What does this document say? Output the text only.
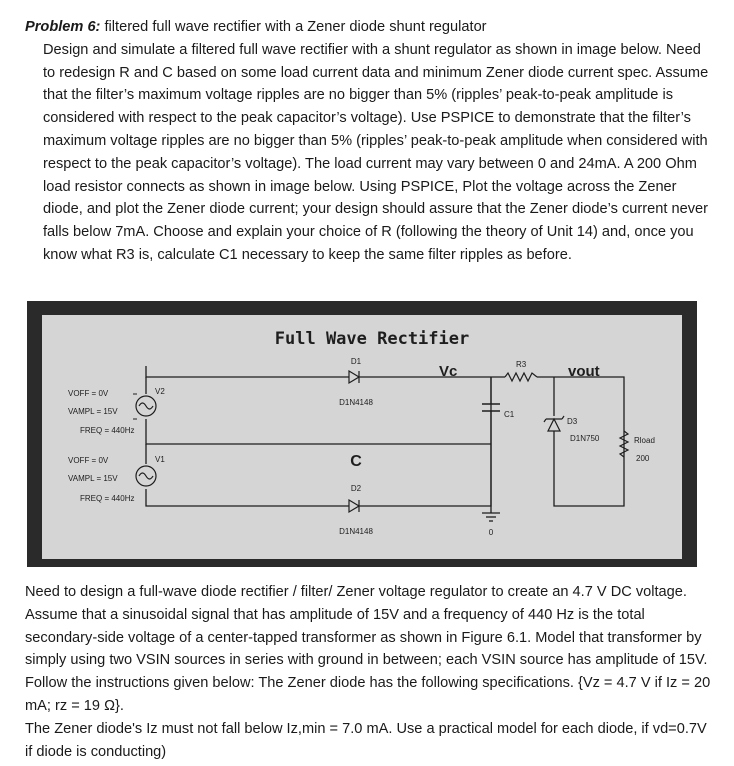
Problem 6: filtered full wave rectifier with a Zener diode shunt regulator
Design and simulate a filtered full wave rectifier with a shunt regulator as shown in image below. Need to redesign R and C based on some load current data and minimum Zener diode current spec. Assume that the filter’s maximum voltage ripples are no bigger than 5% (ripples’ peak-to-peak amplitude is considered with respect to the peak capacitor’s voltage). Use PSPICE to demonstrate that the filter’s maximum voltage ripples are no bigger than 5% (ripples’ peak-to-peak amplitude when considered with respect to the peak capacitor’s voltage). The load current may vary between 0 and 24mA. A 200 Ohm load resistor connects as shown in image below. Using PSPICE, Plot the voltage across the Zener diode, and plot the Zener diode current; your design should assure that the Zener diode’s current never falls below 7mA. Choose and explain your choice of R (following the theory of Unit 14) and, once you know what R3 is, calculate C1 necessary to keep the same filter ripples as before.
Full Wave Rectifier
VOFF = 0V
VAMPL = 15V
FREQ = 440Hz
V2
VOFF = 0V
VAMPL = 15V
FREQ = 440Hz
V1
D1
D1N4148
C
D2
D1N4148
Vc	R3	vout
C1
D3
D1N750	Rload
200
0
Need to design a full-wave diode rectifier / filter/ Zener voltage regulator to create an 4.7 V DC voltage. Assume that a sinusoidal signal that has amplitude of 15V and a frequency of 440 Hz is the total secondary-side voltage of a center-tapped transformer as shown in Figure 6.1. Model that transformer by simply using two VSIN sources in series with ground in between; each VSIN source has amplitude of 15V. Follow the instructions given below: The Zener diode has the following specifications. {Vz = 4.7 V if Iz = 20 mA; rz = 19 Ω}.
The Zener diode's Iz must not fall below Iz,min = 7.0 mA. Use a practical model for each diode, if vd=0.7V if diode is conducting)
